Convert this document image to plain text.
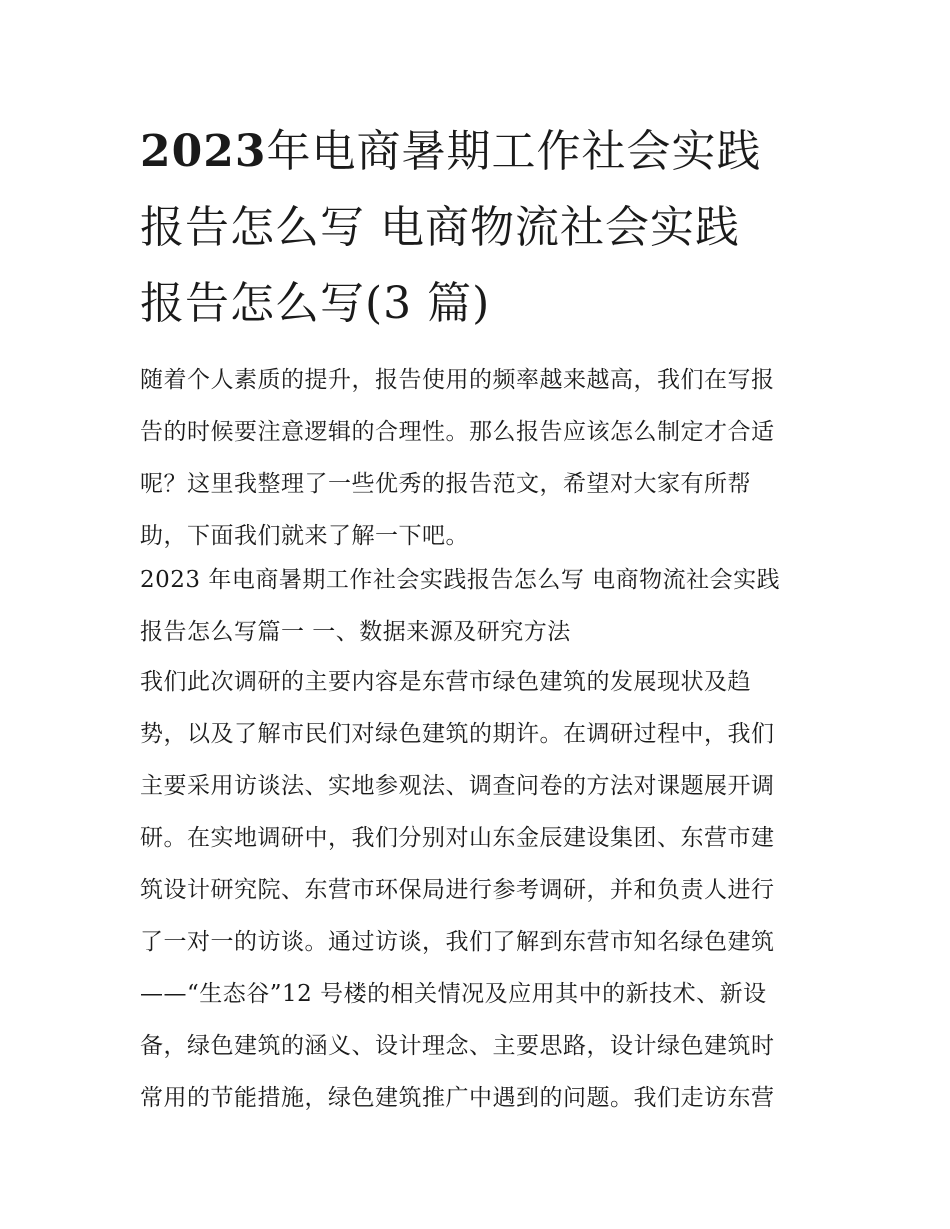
2023年电商暑期工作社会实践
报告怎么写 电商物流社会实践
报告怎么写(3 篇)

随着个人素质的提升，报告使用的频率越来越高，我们在写报
告的时候要注意逻辑的合理性。那么报告应该怎么制定才合适
呢？这里我整理了一些优秀的报告范文，希望对大家有所帮
助，下面我们就来了解一下吧。

2023 年电商暑期工作社会实践报告怎么写 电商物流社会实践
报告怎么写篇一 一、数据来源及研究方法

我们此次调研的主要内容是东营市绿色建筑的发展现状及趋
势，以及了解市民们对绿色建筑的期许。在调研过程中，我们
主要采用访谈法、实地参观法、调查问卷的方法对课题展开调
研。在实地调研中，我们分别对山东金辰建设集团、东营市建
筑设计研究院、东营市环保局进行参考调研，并和负责人进行
了一对一的访谈。通过访谈，我们了解到东营市知名绿色建筑
——“生态谷”12 号楼的相关情况及应用其中的新技术、新设
备，绿色建筑的涵义、设计理念、主要思路，设计绿色建筑时
常用的节能措施，绿色建筑推广中遇到的问题。我们走访东营
